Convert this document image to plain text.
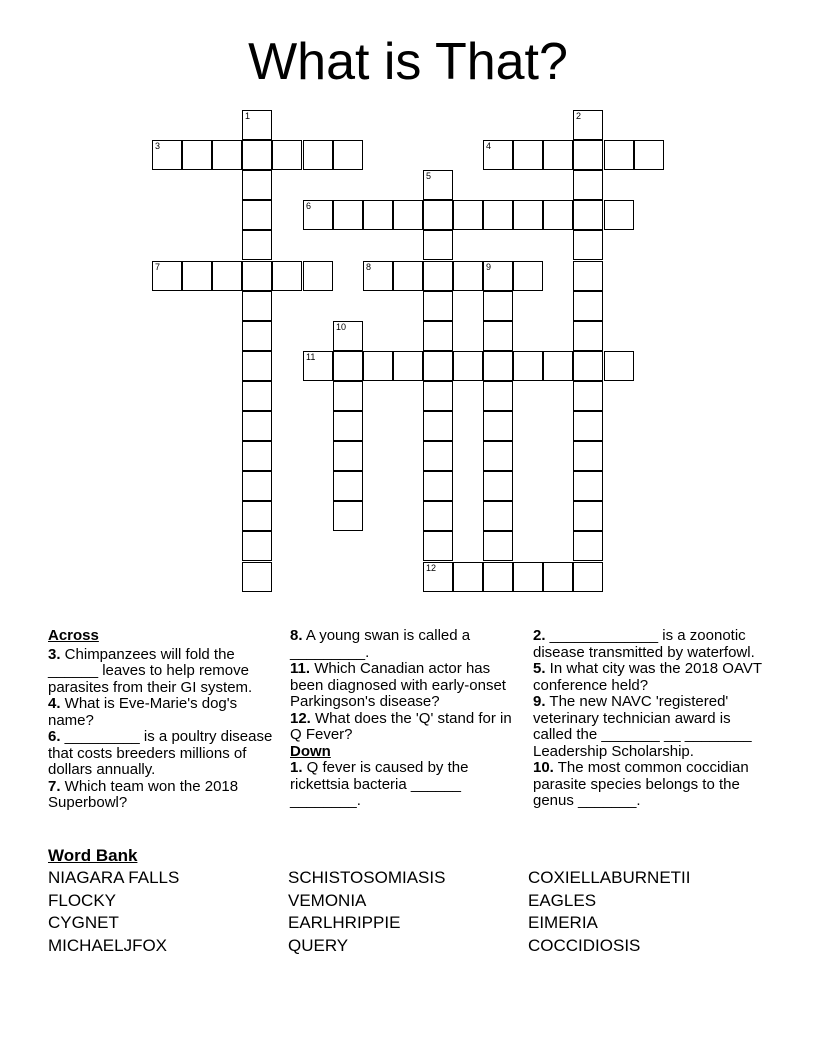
What is That?
3	4
6
7	8	9
11
12
1	2
5
10

Across

3. Chimpanzees will fold the ______ leaves to help remove parasites from their GI system.

4. What is Eve-Marie's dog's name?

6. _________ is a poultry disease that costs breeders millions of dollars annually.

7. Which team won the 2018 Superbowl?

8. A young swan is called a _________.

11. Which Canadian actor has been diagnosed with early-onset Parkingson's disease?

12. What does the 'Q' stand for in Q Fever?

Down

1. Q fever is caused by the rickettsia bacteria ______ ________.

2. _____________ is a zoonotic disease transmitted by waterfowl.

5. In what city was the 2018 OAVT conference held?

9. The new NAVC 'registered' veterinary technician award is called the _______ __ ________ Leadership Scholarship.

10. The most common coccidian parasite species belongs to the genus _______.

Word Bank
NIAGARA FALLS	SCHISTOSOMIASIS	COXIELLABURNETII
FLOCKY	VEMONIA	EAGLES
CYGNET	EARLHRIPPIE	EIMERIA
MICHAELJFOX	QUERY	COCCIDIOSIS
